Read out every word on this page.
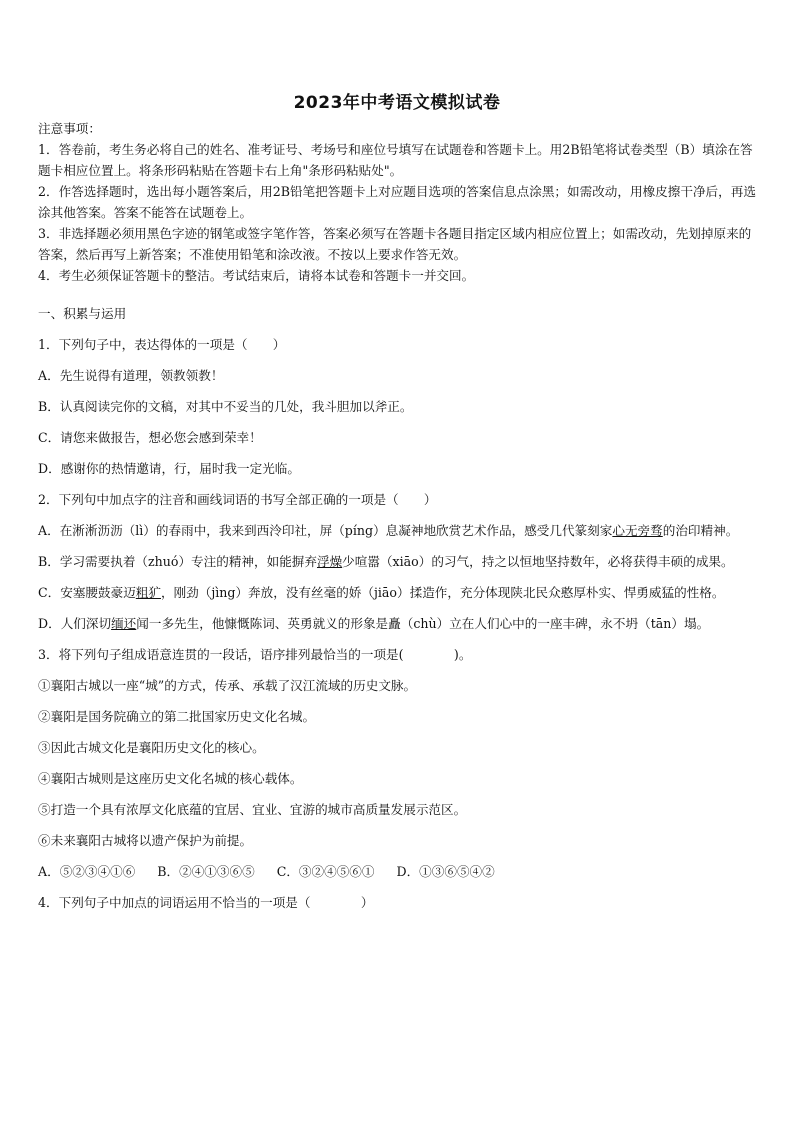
2023年中考语文模拟试卷

注意事项：

1．答卷前，考生务必将自己的姓名、准考证号、考场号和座位号填写在试题卷和答题卡上。用2B铅笔将试卷类型（B）填涂在答题卡相应位置上。将条形码粘贴在答题卡右上角"条形码粘贴处"。

2．作答选择题时，选出每小题答案后，用2B铅笔把答题卡上对应题目选项的答案信息点涂黑；如需改动，用橡皮擦干净后，再选涂其他答案。答案不能答在试题卷上。

3．非选择题必须用黑色字迹的钢笔或签字笔作答，答案必须写在答题卡各题目指定区域内相应位置上；如需改动，先划掉原来的答案，然后再写上新答案；不准使用铅笔和涂改液。不按以上要求作答无效。

4．考生必须保证答题卡的整洁。考试结束后，请将本试卷和答题卡一并交回。

一、积累与运用

1．下列句子中，表达得体的一项是（　　）

A．先生说得有道理，领教领教！

B．认真阅读完你的文稿，对其中不妥当的几处，我斗胆加以斧正。

C．请您来做报告，想必您会感到荣幸！

D．感谢你的热情邀请，行，届时我一定光临。

2．下列句中加点字的注音和画线词语的书写全部正确的一项是（　　）

A．在淅淅沥沥（lì）的春雨中，我来到西泠印社，屏（píng）息凝神地欣赏艺术作品，感受几代篆刻家心无旁骛的治印精神。

B．学习需要执着（zhuó）专注的精神，如能摒弃浮燥少喧嚣（xiāo）的习气，持之以恒地坚持数年，必将获得丰硕的成果。

C．安塞腰鼓豪迈粗犷，刚劲（jìng）奔放，没有丝毫的娇（jiāo）揉造作，充分体现陕北民众憨厚朴实、悍勇威猛的性格。

D．人们深切缅还闻一多先生，他慷慨陈词、英勇就义的形象是矗（chù）立在人们心中的一座丰碑，永不坍（tān）塌。

3．将下列句子组成语意连贯的一段话，语序排列最恰当的一项是(　　　　)。

①襄阳古城以一座“城”的方式，传承、承载了汉江流域的历史文脉。

②襄阳是国务院确立的第二批国家历史文化名城。

③因此古城文化是襄阳历史文化的核心。

④襄阳古城则是这座历史文化名城的核心载体。

⑤打造一个具有浓厚文化底蕴的宜居、宜业、宜游的城市高质量发展示范区。

⑥未来襄阳古城将以遗产保护为前提。

A．⑤②③④①⑥ B．②④①③⑥⑤ C．③②④⑤⑥① D．①③⑥⑤④②

4．下列句子中加点的词语运用不恰当的一项是（　　　　）
